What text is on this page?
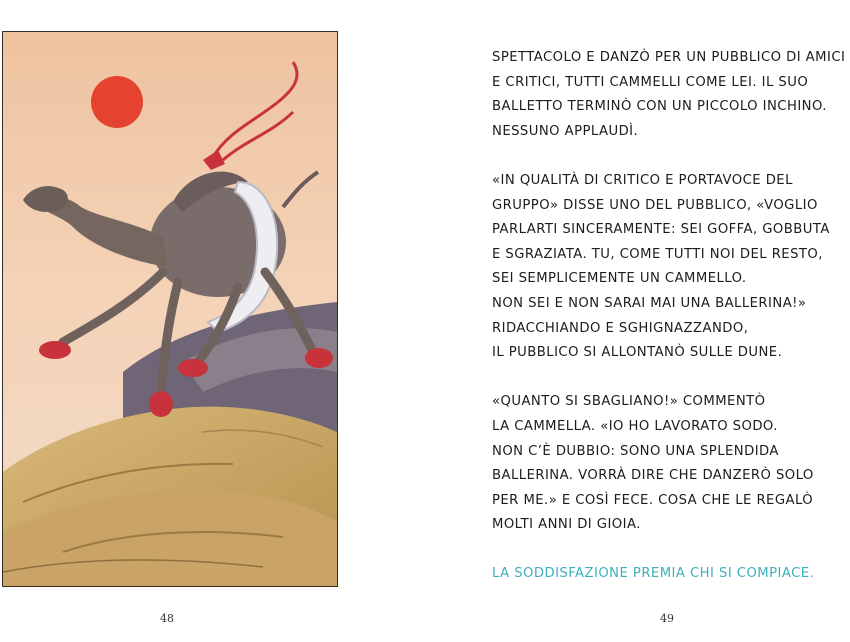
SPETTACOLO E DANZÒ PER UN PUBBLICO DI AMICI
E CRITICI, TUTTI CAMMELLI COME LEI. IL SUO
BALLETTO TERMINÒ CON UN PICCOLO INCHINO.
NESSUNO APPLAUDÌ.

«IN QUALITÀ DI CRITICO E PORTAVOCE DEL
GRUPPO» DISSE UNO DEL PUBBLICO, «VOGLIO
PARLARTI SINCERAMENTE: SEI GOFFA, GOBBUTA
E SGRAZIATA. TU, COME TUTTI NOI DEL RESTO,
SEI SEMPLICEMENTE UN CAMMELLO.
NON SEI E NON SARAI MAI UNA BALLERINA!»
RIDACCHIANDO E SGHIGNAZZANDO,
IL PUBBLICO SI ALLONTANÒ SULLE DUNE.

«QUANTO SI SBAGLIANO!» COMMENTÒ
LA CAMMELLA. «IO HO LAVORATO SODO.
NON C’È DUBBIO: SONO UNA SPLENDIDA
BALLERINA. VORRÀ DIRE CHE DANZERÒ SOLO
PER ME.» E COSÌ FECE. COSA CHE LE REGALÒ
MOLTI ANNI DI GIOIA.

LA SODDISFAZIONE PREMIA CHI SI COMPIACE.

48	49
